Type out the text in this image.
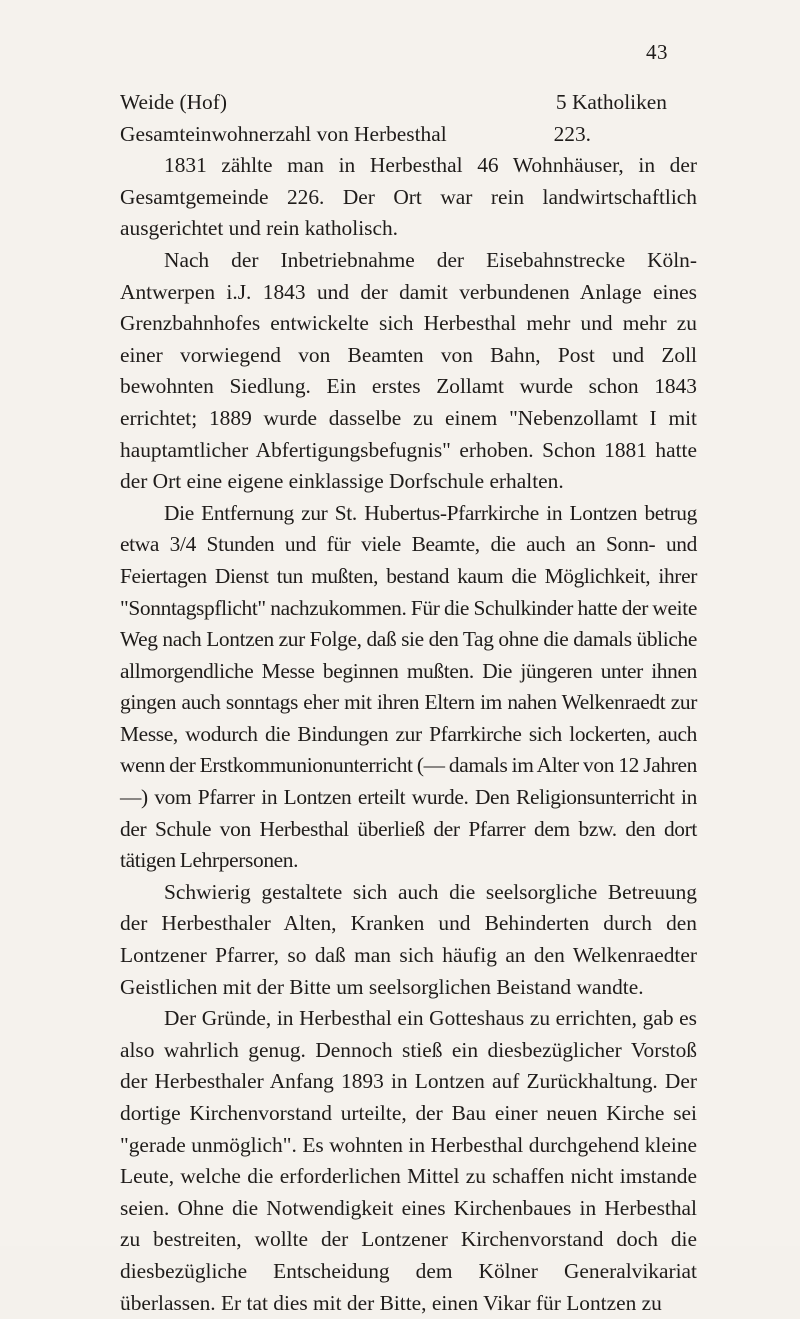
43
Weide (Hof)	5 Katholiken
Gesamteinwohnerzahl von Herbesthal	223.

1831 zählte man in Herbesthal 46 Wohnhäuser, in der Gesamtgemeinde 226. Der Ort war rein landwirtschaftlich ausgerichtet und rein katholisch.

Nach der Inbetriebnahme der Eisebahnstrecke Köln-Antwerpen i.J. 1843 und der damit verbundenen Anlage eines Grenzbahnhofes entwickelte sich Herbesthal mehr und mehr zu einer vorwiegend von Beamten von Bahn, Post und Zoll bewohnten Siedlung. Ein erstes Zollamt wurde schon 1843 errichtet; 1889 wurde dasselbe zu einem "Nebenzollamt I mit hauptamtlicher Abfertigungsbefugnis" erhoben. Schon 1881 hatte der Ort eine eigene einklassige Dorfschule erhalten.

Die Entfernung zur St. Hubertus-Pfarrkirche in Lontzen betrug etwa 3/4 Stunden und für viele Beamte, die auch an Sonn- und Feiertagen Dienst tun mußten, bestand kaum die Möglichkeit, ihrer "Sonntagspflicht" nachzukommen. Für die Schulkinder hatte der weite Weg nach Lontzen zur Folge, daß sie den Tag ohne die damals übliche allmorgendliche Messe beginnen mußten. Die jüngeren unter ihnen gingen auch sonntags eher mit ihren Eltern im nahen Welkenraedt zur Messe, wodurch die Bindungen zur Pfarrkirche sich lockerten, auch wenn der Erstkommunionunterricht (— damals im Alter von 12 Jahren —) vom Pfarrer in Lontzen erteilt wurde. Den Religionsunterricht in der Schule von Herbesthal überließ der Pfarrer dem bzw. den dort tätigen Lehrpersonen.

Schwierig gestaltete sich auch die seelsorgliche Betreuung der Herbesthaler Alten, Kranken und Behinderten durch den Lontzener Pfarrer, so daß man sich häufig an den Welkenraedter Geistlichen mit der Bitte um seelsorglichen Beistand wandte.

Der Gründe, in Herbesthal ein Gotteshaus zu errichten, gab es also wahrlich genug. Dennoch stieß ein diesbezüglicher Vorstoß der Herbesthaler Anfang 1893 in Lontzen auf Zurückhaltung. Der dortige Kirchenvorstand urteilte, der Bau einer neuen Kirche sei "gerade unmöglich". Es wohnten in Herbesthal durchgehend kleine Leute, welche die erforderlichen Mittel zu schaffen nicht imstande seien. Ohne die Notwendigkeit eines Kirchenbaues in Herbesthal zu bestreiten, wollte der Lontzener Kirchenvorstand doch die diesbezügliche Entscheidung dem Kölner Generalvikariat überlassen. Er tat dies mit der Bitte, einen Vikar für Lontzen zu
